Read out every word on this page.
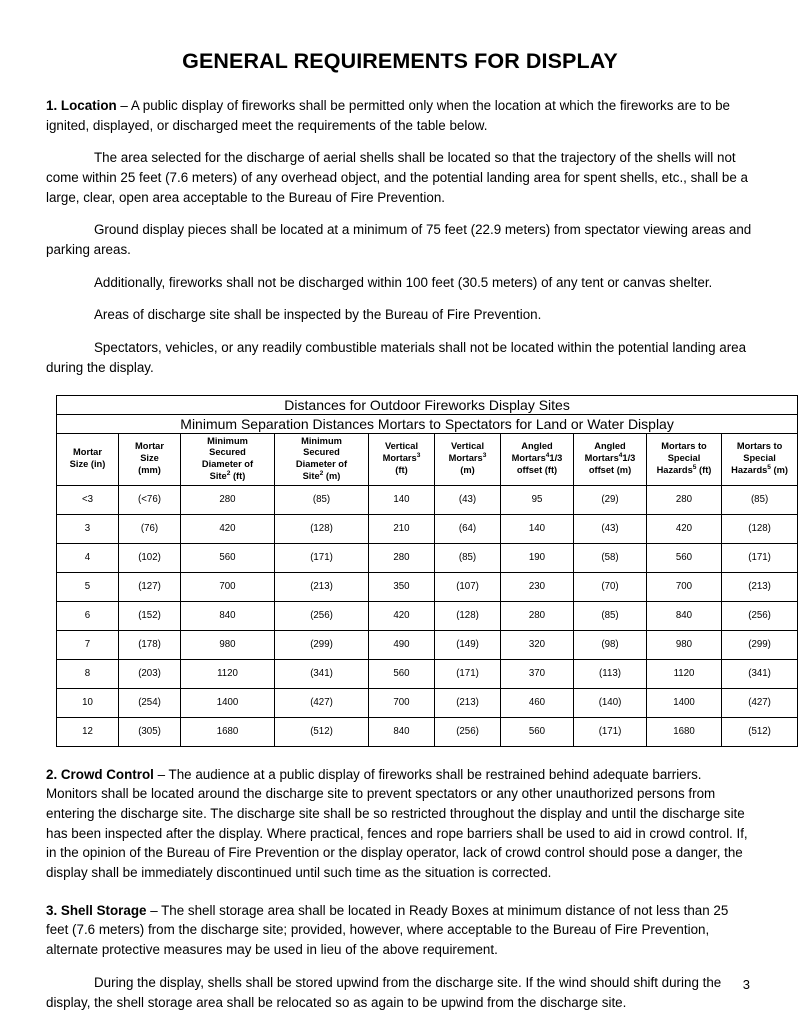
GENERAL REQUIREMENTS FOR DISPLAY

1. Location – A public display of fireworks shall be permitted only when the location at which the fireworks are to be ignited, displayed, or discharged meet the requirements of the table below.

The area selected for the discharge of aerial shells shall be located so that the trajectory of the shells will not come within 25 feet (7.6 meters) of any overhead object, and the potential landing area for spent shells, etc., shall be a large, clear, open area acceptable to the Bureau of Fire Prevention.

Ground display pieces shall be located at a minimum of 75 feet (22.9 meters) from spectator viewing areas and parking areas.

Additionally, fireworks shall not be discharged within 100 feet (30.5 meters) of any tent or canvas shelter.

Areas of discharge site shall be inspected by the Bureau of Fire Prevention.

Spectators, vehicles, or any readily combustible materials shall not be located within the potential landing area during the display.

Distances for Outdoor Fireworks Display Sites									
Minimum Separation Distances Mortars to Spectators for Land or Water Display									
Mortar
Size (in)	Mortar
Size
(mm)	Minimum
Secured
Diameter of
Site$^2$ (ft)	Minimum
Secured
Diameter of
Site$^2$ (m)	Vertical
Mortars$^3$
(ft)	Vertical
Mortars$^3$
(m)	Angled
Mortars$^4$1/3
offset (ft)	Angled
Mortars$^4$1/3
offset (m)	Mortars to
Special
Hazards$^5$ (ft)	Mortars to
Special
Hazards$^5$ (m)
<3	(<76)	280	(85)	140	(43)	95	(29)	280	(85)
3	(76)	420	(128)	210	(64)	140	(43)	420	(128)
4	(102)	560	(171)	280	(85)	190	(58)	560	(171)
5	(127)	700	(213)	350	(107)	230	(70)	700	(213)
6	(152)	840	(256)	420	(128)	280	(85)	840	(256)
7	(178)	980	(299)	490	(149)	320	(98)	980	(299)
8	(203)	1120	(341)	560	(171)	370	(113)	1120	(341)
10	(254)	1400	(427)	700	(213)	460	(140)	1400	(427)
12	(305)	1680	(512)	840	(256)	560	(171)	1680	(512)

2. Crowd Control – The audience at a public display of fireworks shall be restrained behind adequate barriers. Monitors shall be located around the discharge site to prevent spectators or any other unauthorized persons from entering the discharge site. The discharge site shall be so restricted throughout the display and until the discharge site has been inspected after the display. Where practical, fences and rope barriers shall be used to aid in crowd control. If, in the opinion of the Bureau of Fire Prevention or the display operator, lack of crowd control should pose a danger, the display shall be immediately discontinued until such time as the situation is corrected.

3. Shell Storage – The shell storage area shall be located in Ready Boxes at minimum distance of not less than 25 feet (7.6 meters) from the discharge site; provided, however, where acceptable to the Bureau of Fire Prevention, alternate protective measures may be used in lieu of the above requirement.

During the display, shells shall be stored upwind from the discharge site. If the wind should shift during the display, the shell storage area shall be relocated so as again to be upwind from the discharge site.

3
